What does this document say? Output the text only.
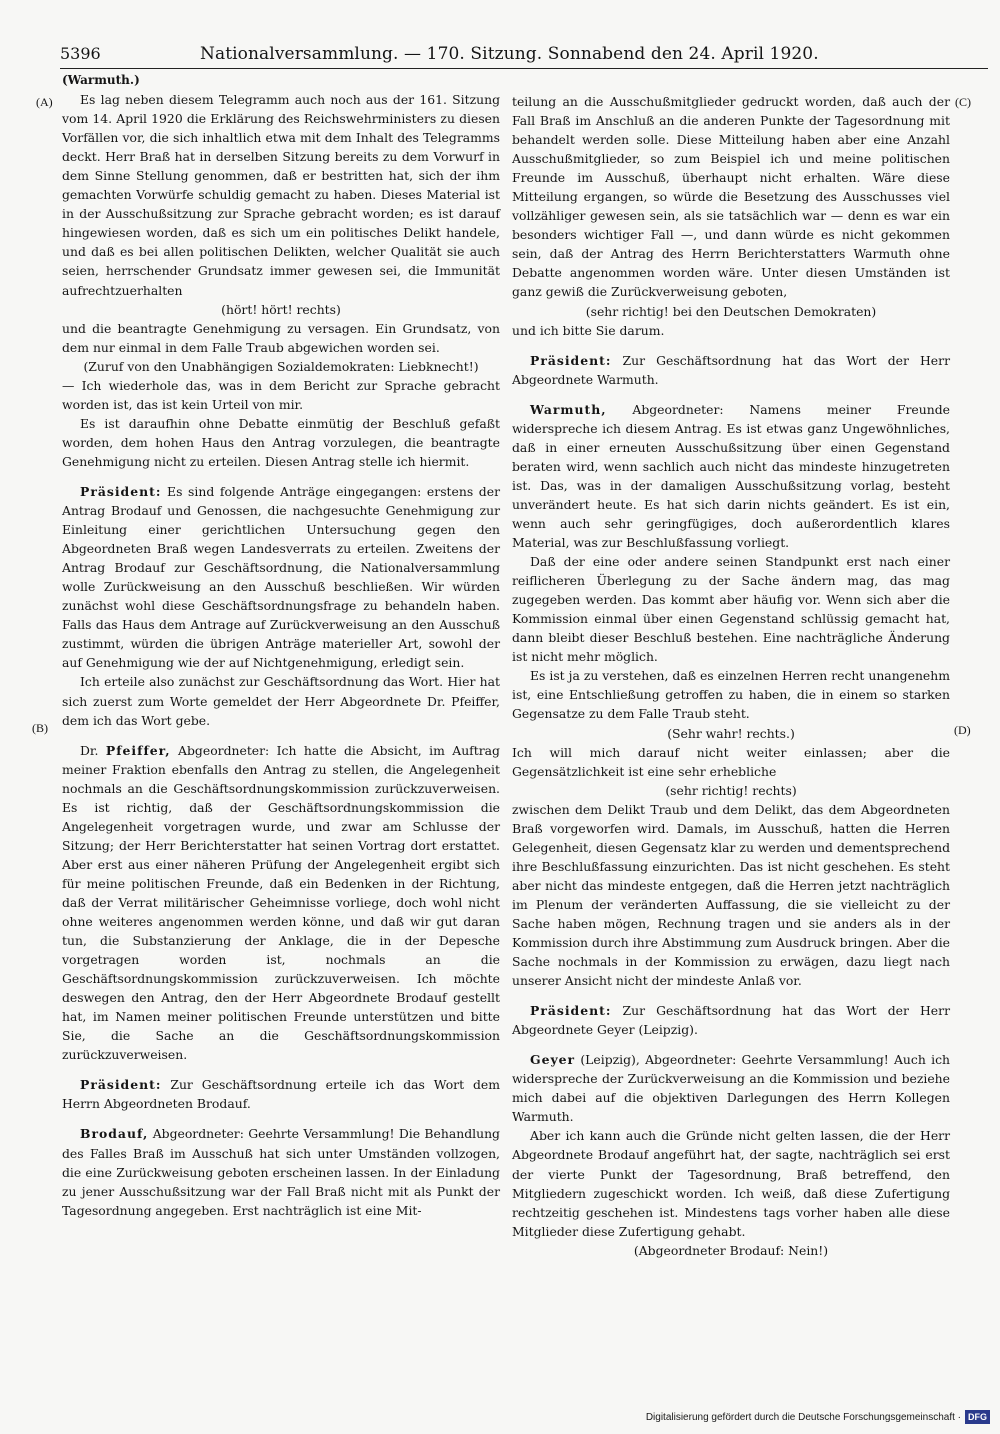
5396	Nationalversammlung. — 170. Sitzung. Sonnabend den 24. April 1920.
(A)
(B)
(C)
(D)

(Warmuth.)

Es lag neben diesem Telegramm auch noch aus der 161. Sitzung vom 14. April 1920 die Erklärung des Reichswehrministers zu diesen Vorfällen vor, die sich inhaltlich etwa mit dem Inhalt des Telegramms deckt. Herr Braß hat in derselben Sitzung bereits zu dem Vorwurf in dem Sinne Stellung genommen, daß er bestritten hat, sich der ihm gemachten Vorwürfe schuldig gemacht zu haben. Dieses Material ist in der Ausschußsitzung zur Sprache gebracht worden; es ist darauf hingewiesen worden, daß es sich um ein politisches Delikt handele, und daß es bei allen politischen Delikten, welcher Qualität sie auch seien, herrschender Grundsatz immer gewesen sei, die Immunität aufrechtzuerhalten

(hört! hört! rechts)

und die beantragte Genehmigung zu versagen. Ein Grundsatz, von dem nur einmal in dem Falle Traub abgewichen worden sei.

(Zuruf von den Unabhängigen Sozialdemokraten: Liebknecht!)

— Ich wiederhole das, was in dem Bericht zur Sprache gebracht worden ist, das ist kein Urteil von mir.

Es ist daraufhin ohne Debatte einmütig der Beschluß gefaßt worden, dem hohen Haus den Antrag vorzulegen, die beantragte Genehmigung nicht zu erteilen. Diesen Antrag stelle ich hiermit.

Präsident: Es sind folgende Anträge eingegangen: erstens der Antrag Brodauf und Genossen, die nachgesuchte Genehmigung zur Einleitung einer gerichtlichen Untersuchung gegen den Abgeordneten Braß wegen Landesverrats zu erteilen. Zweitens der Antrag Brodauf zur Geschäftsordnung, die Nationalversammlung wolle Zurückweisung an den Ausschuß beschließen. Wir würden zunächst wohl diese Geschäftsordnungsfrage zu behandeln haben. Falls das Haus dem Antrage auf Zurückverweisung an den Ausschuß zustimmt, würden die übrigen Anträge materieller Art, sowohl der auf Genehmigung wie der auf Nichtgenehmigung, erledigt sein.

Ich erteile also zunächst zur Geschäftsordnung das Wort. Hier hat sich zuerst zum Worte gemeldet der Herr Abgeordnete Dr. Pfeiffer, dem ich das Wort gebe.

Dr. Pfeiffer, Abgeordneter: Ich hatte die Absicht, im Auftrag meiner Fraktion ebenfalls den Antrag zu stellen, die Angelegenheit nochmals an die Geschäftsordnungskommission zurückzuverweisen. Es ist richtig, daß der Geschäftsordnungskommission die Angelegenheit vorgetragen wurde, und zwar am Schlusse der Sitzung; der Herr Berichterstatter hat seinen Vortrag dort erstattet. Aber erst aus einer näheren Prüfung der Angelegenheit ergibt sich für meine politischen Freunde, daß ein Bedenken in der Richtung, daß der Verrat militärischer Geheimnisse vorliege, doch wohl nicht ohne weiteres angenommen werden könne, und daß wir gut daran tun, die Substanzierung der Anklage, die in der Depesche vorgetragen worden ist, nochmals an die Geschäftsordnungskommission zurückzuverweisen. Ich möchte deswegen den Antrag, den der Herr Abgeordnete Brodauf gestellt hat, im Namen meiner politischen Freunde unterstützen und bitte Sie, die Sache an die Geschäftsordnungskommission zurückzuverweisen.

Präsident: Zur Geschäftsordnung erteile ich das Wort dem Herrn Abgeordneten Brodauf.

Brodauf, Abgeordneter: Geehrte Versammlung! Die Behandlung des Falles Braß im Ausschuß hat sich unter Umständen vollzogen, die eine Zurückweisung geboten erscheinen lassen. In der Einladung zu jener Ausschußsitzung war der Fall Braß nicht mit als Punkt der Tagesordnung angegeben. Erst nachträglich ist eine Mit-

teilung an die Ausschußmitglieder gedruckt worden, daß auch der Fall Braß im Anschluß an die anderen Punkte der Tagesordnung mit behandelt werden solle. Diese Mitteilung haben aber eine Anzahl Ausschußmitglieder, so zum Beispiel ich und meine politischen Freunde im Ausschuß, überhaupt nicht erhalten. Wäre diese Mitteilung ergangen, so würde die Besetzung des Ausschusses viel vollzähliger gewesen sein, als sie tatsächlich war — denn es war ein besonders wichtiger Fall —, und dann würde es nicht gekommen sein, daß der Antrag des Herrn Berichterstatters Warmuth ohne Debatte angenommen worden wäre. Unter diesen Umständen ist ganz gewiß die Zurückverweisung geboten,

(sehr richtig! bei den Deutschen Demokraten)

und ich bitte Sie darum.

Präsident: Zur Geschäftsordnung hat das Wort der Herr Abgeordnete Warmuth.

Warmuth, Abgeordneter: Namens meiner Freunde widerspreche ich diesem Antrag. Es ist etwas ganz Ungewöhnliches, daß in einer erneuten Ausschußsitzung über einen Gegenstand beraten wird, wenn sachlich auch nicht das mindeste hinzugetreten ist. Das, was in der damaligen Ausschußsitzung vorlag, besteht unverändert heute. Es hat sich darin nichts geändert. Es ist ein, wenn auch sehr geringfügiges, doch außerordentlich klares Material, was zur Beschlußfassung vorliegt.

Daß der eine oder andere seinen Standpunkt erst nach einer reiflicheren Überlegung zu der Sache ändern mag, das mag zugegeben werden. Das kommt aber häufig vor. Wenn sich aber die Kommission einmal über einen Gegenstand schlüssig gemacht hat, dann bleibt dieser Beschluß bestehen. Eine nachträgliche Änderung ist nicht mehr möglich.

Es ist ja zu verstehen, daß es einzelnen Herren recht unangenehm ist, eine Entschließung getroffen zu haben, die in einem so starken Gegensatze zu dem Falle Traub steht.

(Sehr wahr! rechts.)

Ich will mich darauf nicht weiter einlassen; aber die Gegensätzlichkeit ist eine sehr erhebliche

(sehr richtig! rechts)

zwischen dem Delikt Traub und dem Delikt, das dem Abgeordneten Braß vorgeworfen wird. Damals, im Ausschuß, hatten die Herren Gelegenheit, diesen Gegensatz klar zu werden und dementsprechend ihre Beschlußfassung einzurichten. Das ist nicht geschehen. Es steht aber nicht das mindeste entgegen, daß die Herren jetzt nachträglich im Plenum der veränderten Auffassung, die sie vielleicht zu der Sache haben mögen, Rechnung tragen und sie anders als in der Kommission durch ihre Abstimmung zum Ausdruck bringen. Aber die Sache nochmals in der Kommission zu erwägen, dazu liegt nach unserer Ansicht nicht der mindeste Anlaß vor.

Präsident: Zur Geschäftsordnung hat das Wort der Herr Abgeordnete Geyer (Leipzig).

Geyer (Leipzig), Abgeordneter: Geehrte Versammlung! Auch ich widerspreche der Zurückverweisung an die Kommission und beziehe mich dabei auf die objektiven Darlegungen des Herrn Kollegen Warmuth.

Aber ich kann auch die Gründe nicht gelten lassen, die der Herr Abgeordnete Brodauf angeführt hat, der sagte, nachträglich sei erst der vierte Punkt der Tagesordnung, Braß betreffend, den Mitgliedern zugeschickt worden. Ich weiß, daß diese Zufertigung rechtzeitig geschehen ist. Mindestens tags vorher haben alle diese Mitglieder diese Zufertigung gehabt.

(Abgeordneter Brodauf: Nein!)

Digitalisierung gefördert durch die Deutsche Forschungsgemeinschaft · DFG
